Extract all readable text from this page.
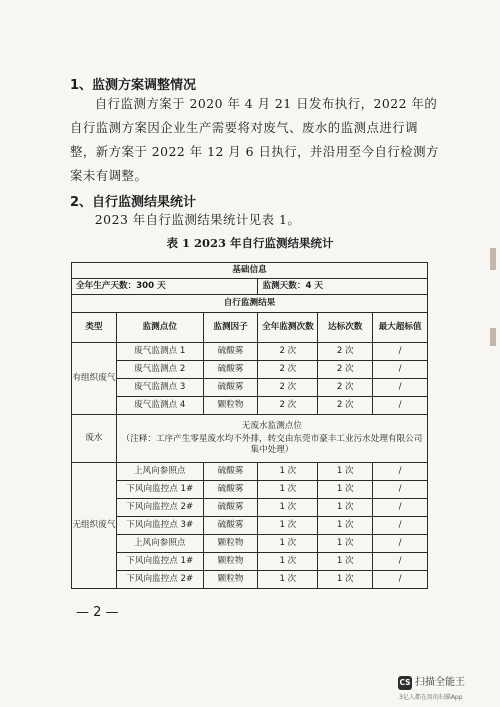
1、监测方案调整情况
自行监测方案于 2020 年 4 月 21 日发布执行，2022 年的自行监测方案因企业生产需要将对废气、废水的监测点进行调整，新方案于 2022 年 12 月 6 日执行，并沿用至今自行检测方案未有调整。
2、自行监测结果统计
2023 年自行监测结果统计见表 1。
表 1 2023 年自行监测结果统计
基础信息					
全年生产天数：300 天			监测天数：4 天		
自行监测结果					
类型	监测点位	监测因子	全年监测次数	达标次数	最大超标值
有组织废气	废气监测点 1	硫酸雾	2 次	2 次	/
	废气监测点 2	硫酸雾	2 次	2 次	/
	废气监测点 3	硫酸雾	2 次	2 次	/
	废气监测点 4	颗粒物	2 次	2 次	/
废水	无废水监测点位
（注释：工序产生零星废水均不外排，转交由东莞市豪丰工业污水处理有限公司集中处理）				

无组织废气	上风向参照点	硫酸雾	1 次	1 次	/
	下风向监控点 1#	硫酸雾	1 次	1 次	/
	下风向监控点 2#	硫酸雾	1 次	1 次	/
	下风向监控点 3#	硫酸雾	1 次	1 次	/
	上风向参照点	颗粒物	1 次	1 次	/
	下风向监控点 1#	颗粒物	1 次	1 次	/
	下风向监控点 2#	颗粒物	1 次	1 次	/
— 2 —
CS 扫描全能王
3亿人都在用的扫描App
